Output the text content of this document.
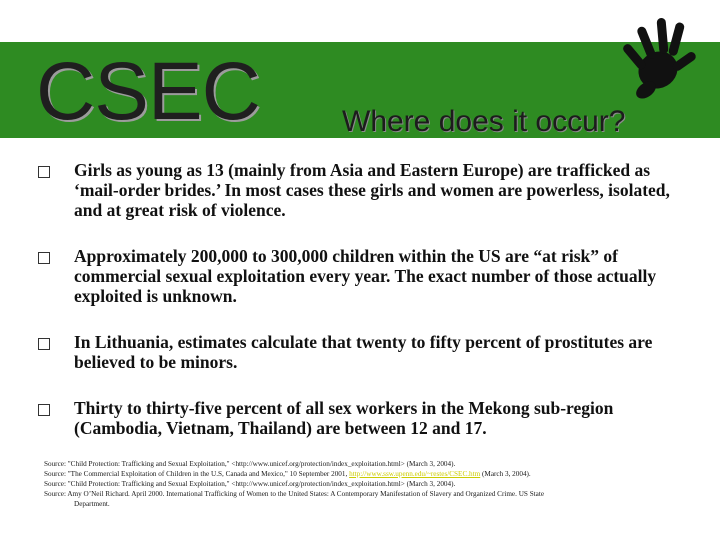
CSEC	Where does it occur?
Girls as young as 13 (mainly from Asia and Eastern Europe) are trafficked as ‘mail-order brides.’ In most cases these girls and women are powerless, isolated, and at great risk of violence.
Approximately 200,000 to 300,000 children within the US are “at risk” of commercial sexual exploitation every year. The exact number of those actually exploited is unknown.
In Lithuania, estimates calculate that twenty to fifty percent of prostitutes are believed to be minors.
Thirty to thirty-five percent of all sex workers in the Mekong sub-region (Cambodia, Vietnam, Thailand) are between 12 and 17.
Source: "Child Protection: Trafficking and Sexual Exploitation," <http://www.unicef.org/protection/index_exploitation.html> (March 3, 2004).
Source: "The Commercial Exploitation of Children in the U.S, Canada and Mexico," 10 September 2001, http://www.ssw.upenn.edu/~restes/CSEC.htm (March 3, 2004).
Source: "Child Protection: Trafficking and Sexual Exploitation," <http://www.unicef.org/protection/index_exploitation.html> (March 3, 2004).
Source: Amy O’Neil Richard. April 2000. International Trafficking of Women to the United States: A Contemporary Manifestation of Slavery and Organized Crime. US State
Department.
